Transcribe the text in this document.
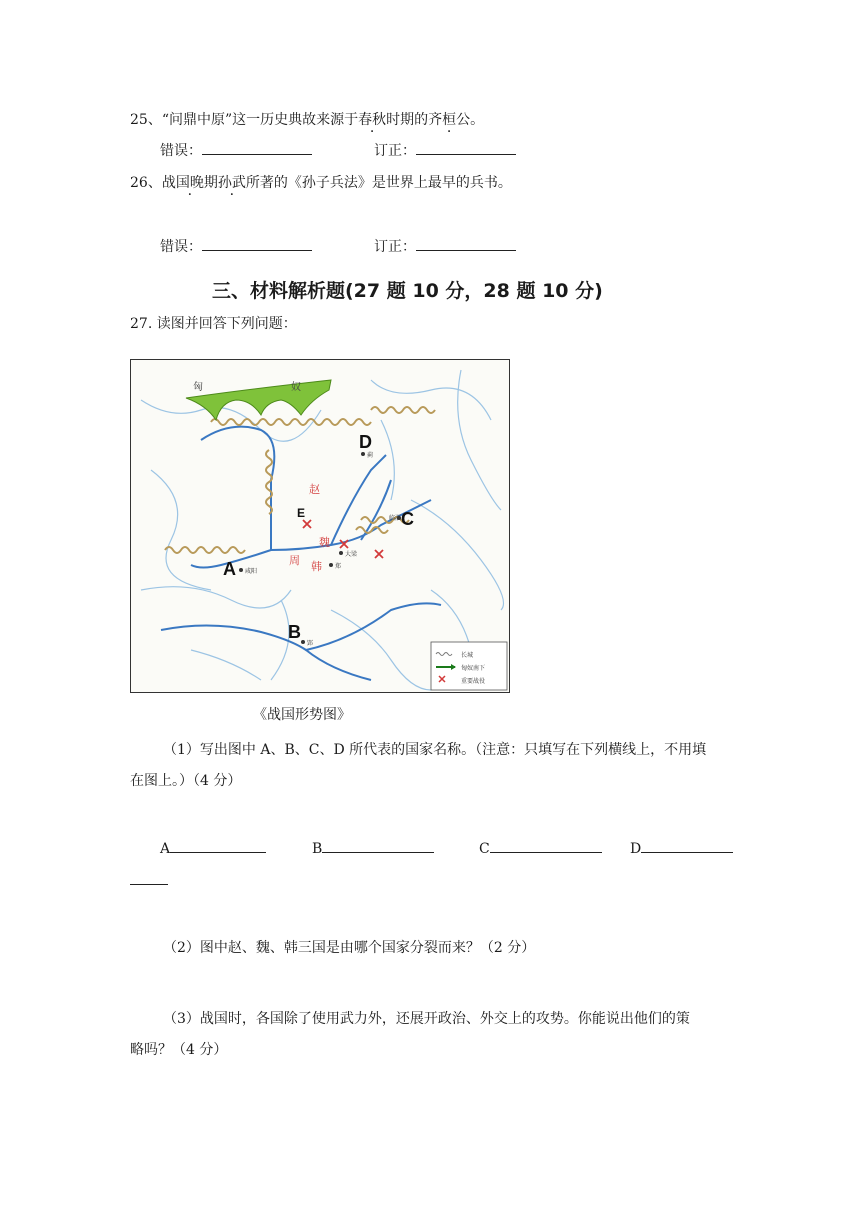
25、“问鼎中原”这一历史典故来源于春秋时期的齐桓公。
错误：	订正：
26、战国晚期孙武所著的《孙子兵法》是世界上最早的兵书。
错误：	订正：
三、材料解析题(27 题 10 分，28 题 10 分)
27. 读图并回答下列问题：
匈	奴
D
C
A
B
E
赵
魏
韩
周
蓟
临淄
咸阳
郢
大梁
郑
长城
匈奴南下
重要战役
《战国形势图》
（1）写出图中 A、B、C、D 所代表的国家名称。（注意：只填写在下列横线上，不用填
在图上。）（4 分）
A	B	C	D
（2）图中赵、魏、韩三国是由哪个国家分裂而来？（2 分）
（3）战国时，各国除了使用武力外，还展开政治、外交上的攻势。你能说出他们的策
略吗？（4 分）
